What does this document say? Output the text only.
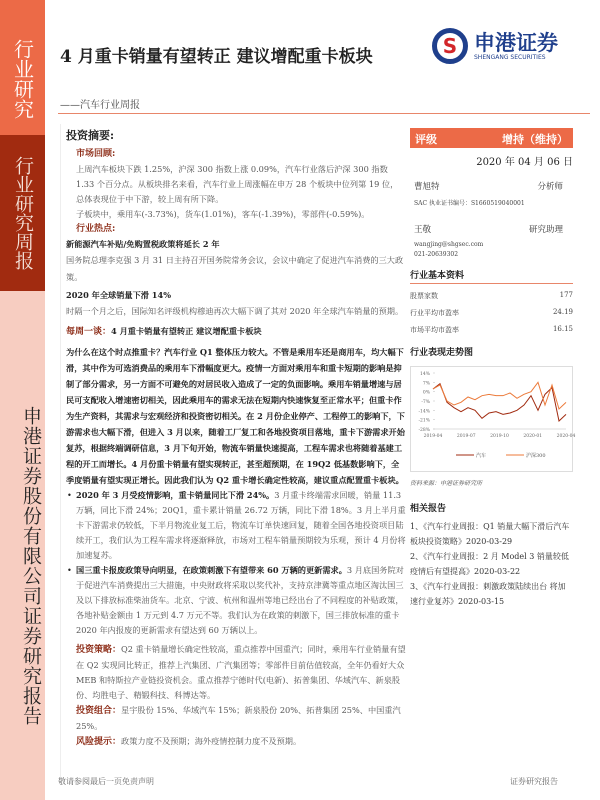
行业研究
行业研究周报
申港证券股份有限公司证券研究报告
4 月重卡销量有望转正 建议增配重卡板块
——汽车行业周报
S 申港证券
SHENGANG SECURITIES
投资摘要:
市场回顾:
上周汽车板块下跌 1.25%，沪深 300 指数上涨 0.09%，汽车行业落后沪深 300 指数 1.33 个百分点。从板块排名来看，汽车行业上周涨幅在申万 28 个板块中位列第 19 位，总体表现位于中下游，较上周有所下降。
子板块中，乘用车(-3.73%)，货车(1.01%)，客车(-1.39%)，零部件(-0.59%)。
行业热点:
新能源汽车补贴/免购置税政策将延长 2 年
国务院总理李克强 3 月 31 日主持召开国务院常务会议，会议中确定了促进汽车消费的三大政策。
2020 年全球销量下滑 14%
时隔一个月之后，国际知名评级机构穆迪再次大幅下调了其对 2020 年全球汽车销量的预期。
每周一谈：4 月重卡销量有望转正 建议增配重卡板块
为什么在这个时点推重卡？汽车行业 Q1 整体压力较大。不管是乘用车还是商用车，均大幅下滑，其中作为可选消费品的乘用车下滑幅度更大。疫情一方面对乘用车和重卡短期的影响是抑制了部分需求，另一方面不可避免的对居民收入造成了一定的负面影响。乘用车销量增速与居民可支配收入增速密切相关，因此乘用车的需求无法在短期内快速恢复至正常水平；但重卡作为生产资料，其需求与宏观经济和投资密切相关。在 2 月份企业停产、工程停工的影响下，下游需求也大幅下滑，但进入 3 月以来，随着工厂复工和各地投资项目落地，重卡下游需求开始复苏，根据终端调研信息，3 月下旬开始，物流车销量快速提高，工程车需求也将随着基建工程的开工而增长。4 月份重卡销量有望实现转正，甚至超预期，在 19Q2 低基数影响下，全季度销量有望实现正增长。因此我们认为 Q2 重卡增长确定性较高，建议重点配置重卡板块。
• 2020 年 3 月受疫情影响，重卡销量同比下滑 24%。3 月重卡终端需求回暖，销量 11.3 万辆，同比下滑 24%；20Q1，重卡累计销量 26.72 万辆，同比下滑 18%。3 月上半月重卡下游需求仍较低，下半月物流业复工后，物流车订单快速回复，随着全国各地投资项目陆续开工，我们认为工程车需求将逐渐释放，市场对工程车销量预期较为乐观，预计 4 月份将加速复苏。
• 国三重卡报废政策导向明显，在政策刺激下有望带来 60 万辆的更新需求。3 月底国务院对于促进汽车消费提出三大措施，中央财政将采取以奖代补，支持京津冀等重点地区淘汰国三及以下排放标准柴油货车。北京、宁波、杭州和温州等地已经出台了不同程度的补贴政策，各地补贴金额由 1 万元到 4.7 万元不等。我们认为在政策的刺激下，国三排放标准的重卡 2020 年内报废的更新需求有望达到 60 万辆以上。
投资策略：Q2 重卡销量增长确定性较高，重点推荐中国重汽；同时，乘用车行业销量有望在 Q2 实现同比转正，推荐上汽集团、广汽集团等；零部件目前估值较高，全年仍看好大众 MEB 和特斯拉产业链投资机会。重点推荐宁德时代(电新)、拓普集团、华域汽车、新泉股份、均胜电子、精锻科技、科博达等。
投资组合：星宇股份 15%、华域汽车 15%；新泉股份 20%、拓普集团 25%、中国重汽 25%。
风险提示：政策力度不及预期；海外疫情控制力度不及预期。
评级	增持（维持）
2020 年 04 月 06 日
曹旭特	分析师
SAC 执业证书编号：S1660519040001
王敬	研究助理
wangjing@shgsec.com
021-20639302
行业基本资料
股票家数	177
行业平均市盈率	24.19
市场平均市盈率	16.15
行业表现走势图
14%
7%
0%
-7%
-14%
-21%
-28%
2019-04	2019-07	2019-10	2020-01	2020-04
汽车	沪深300
资料来源：申港证券研究所
相关报告
1、《汽车行业周报：Q1 销量大幅下滑后汽车板块投资策略》2020-03-29
2、《汽车行业周报：2 月 Model 3 销量较低 疫情后有望提高》2020-03-22
3、《汽车行业周报：刺激政策陆续出台 将加速行业复苏》2020-03-15
敬请参阅最后一页免责声明	证券研究报告
